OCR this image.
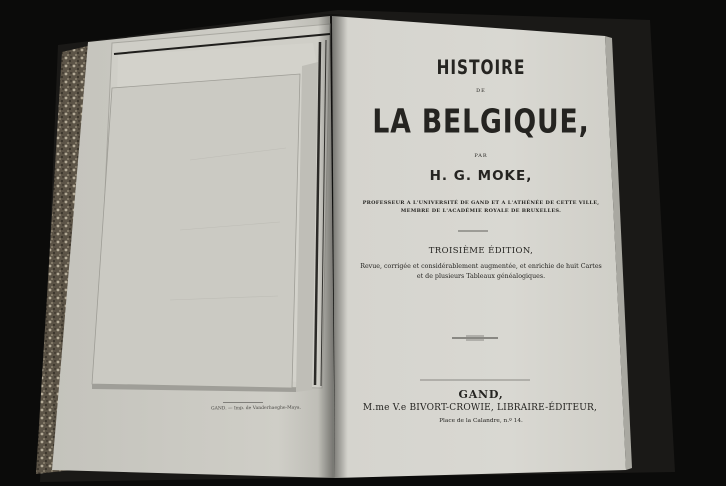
HISTOIRE
DE
LA BELGIQUE,
PAR
H. G. MOKE,
PROFESSEUR A L'UNIVERSITÉ DE GAND ET A L'ATHÉNÉE DE CETTE VILLE,
MEMBRE DE L'ACADÉMIE ROYALE DE BRUXELLES.
TROISIÈME ÉDITION,
Revue, corrigée et considérablement augmentée, et enrichie de huit Cartes
et de plusieurs Tableaux généalogiques.
GAND,
M.me V.e BIVORT-CROWIE, LIBRAIRE-ÉDITEUR,
Place de la Calandre, n.º 14.
GAND. — Imp. de Vanderhaeghe-Maya.
